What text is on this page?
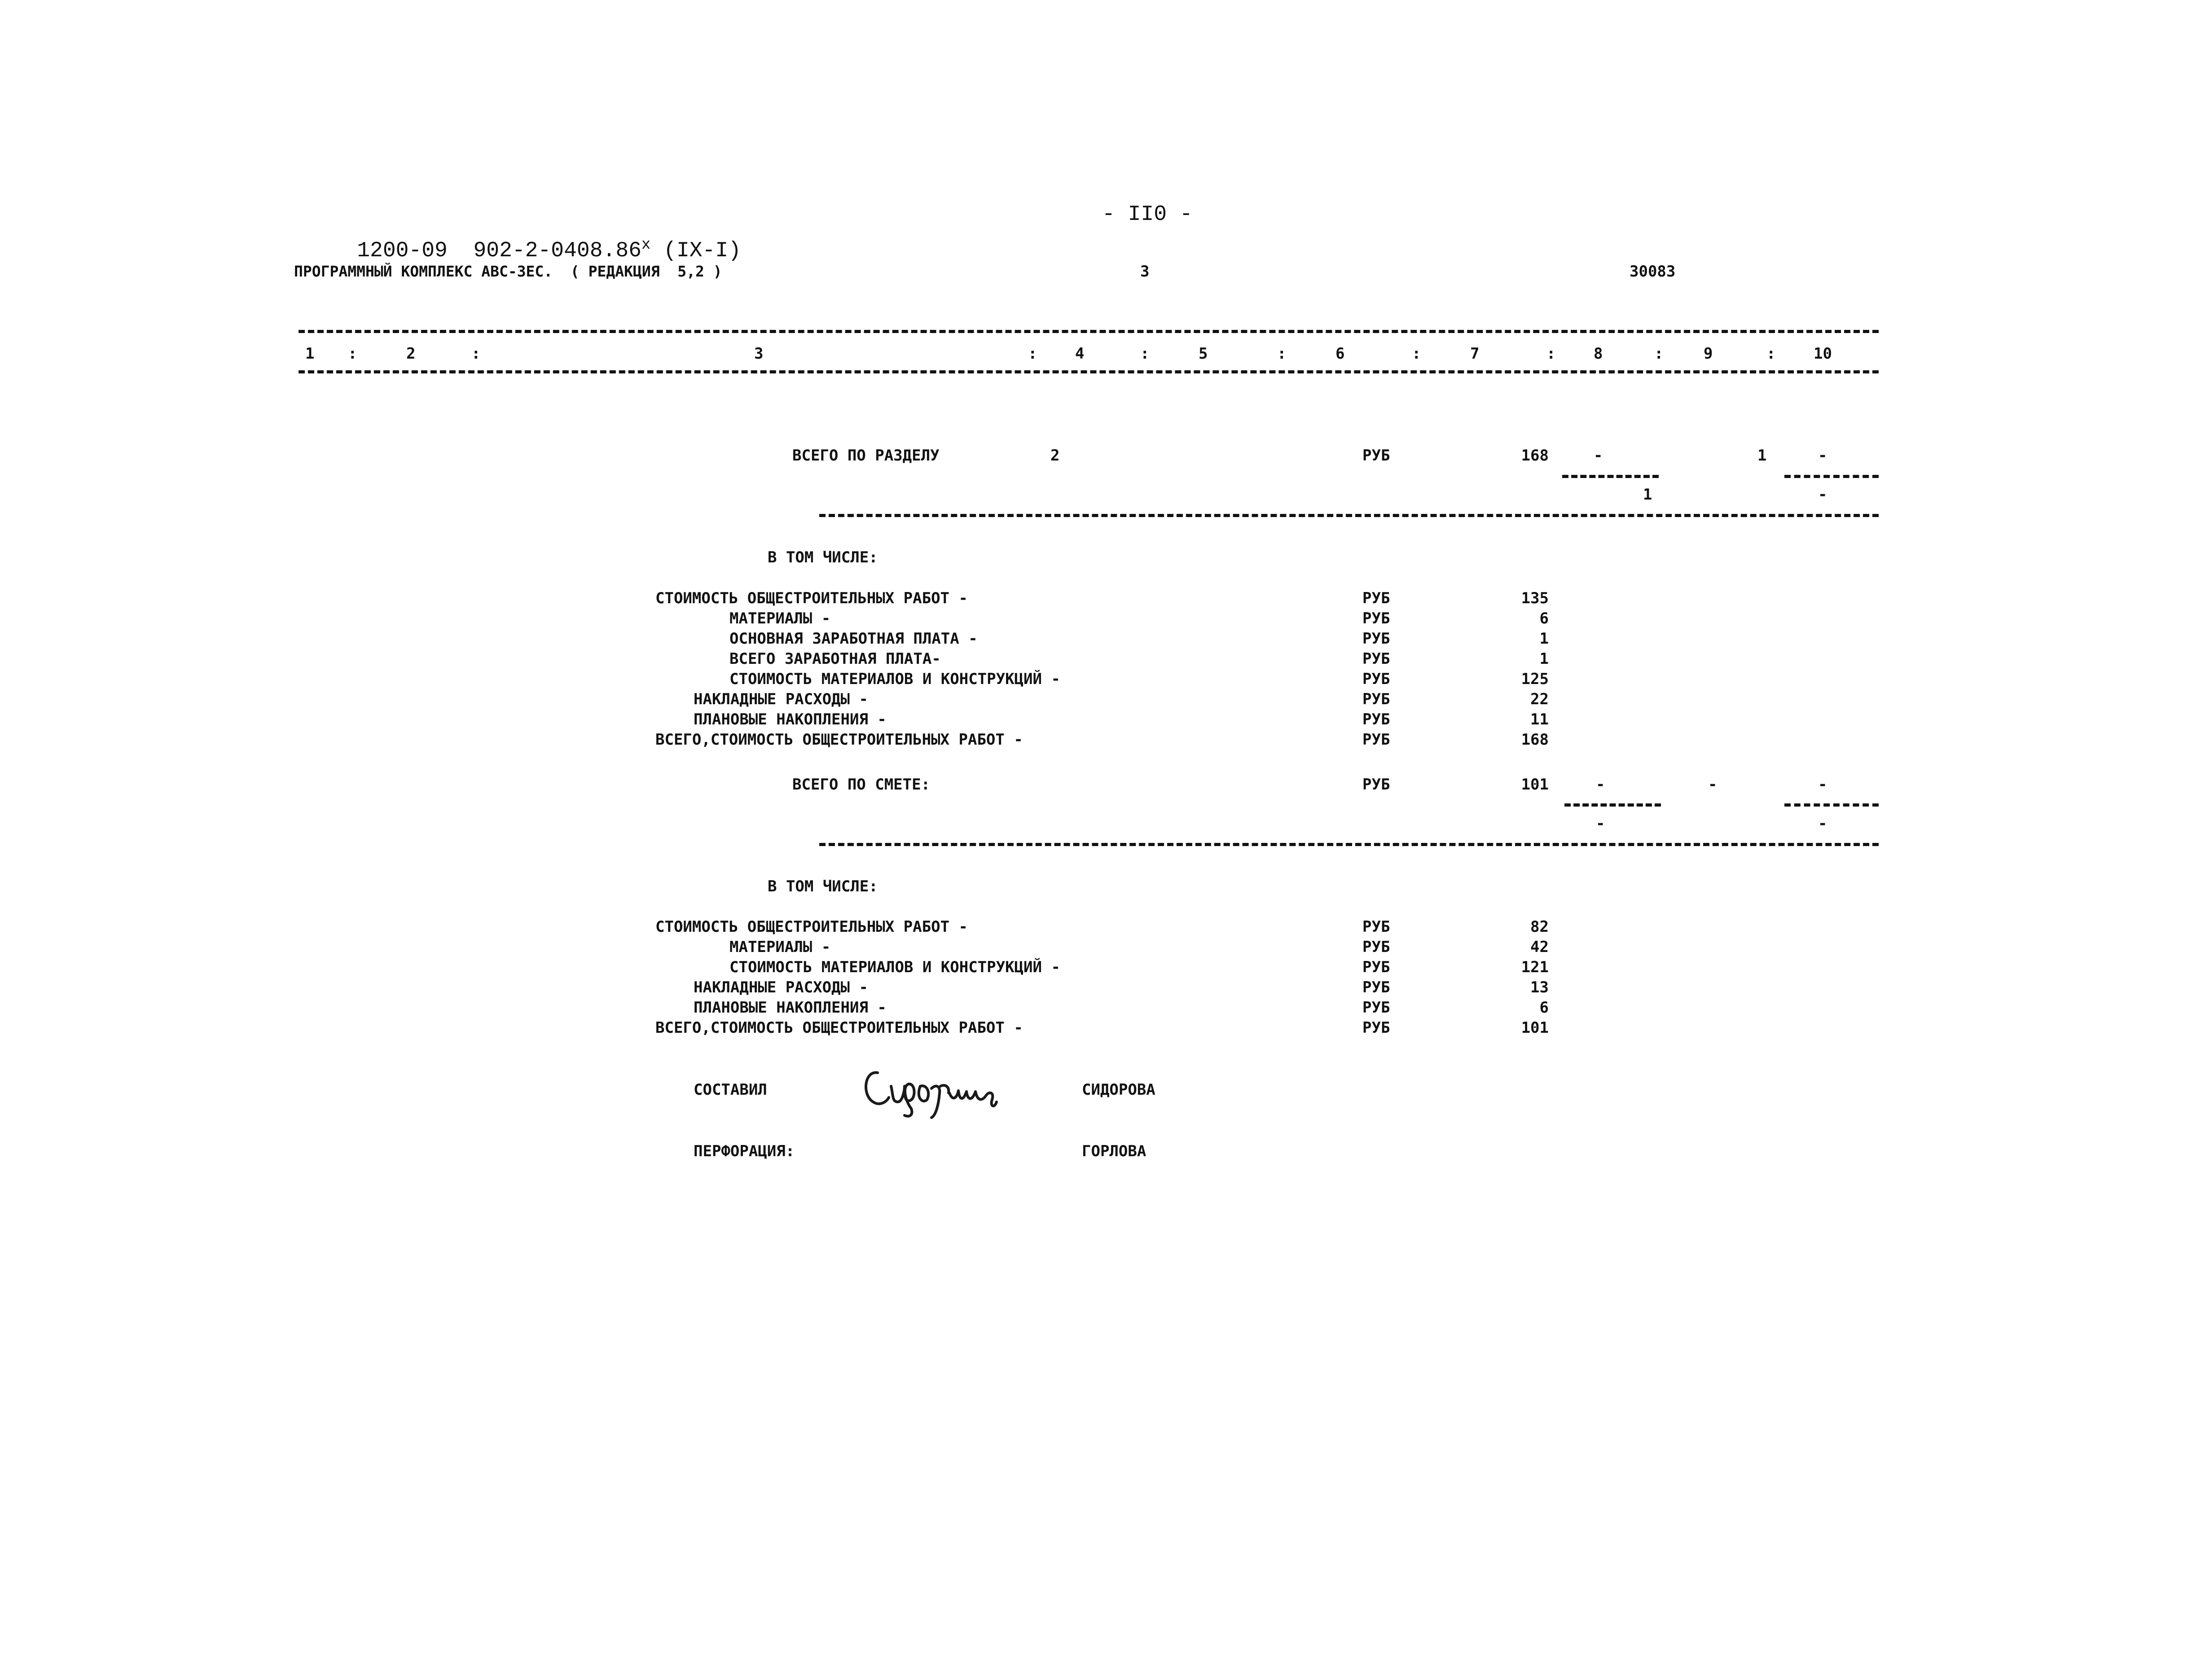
1200-09  902-2-0408.86$^x$ (IX-I)

- II0 -
ПРОГРАММНЫЙ КОМПЛЕКС АВС-3ЕС.  ( РЕДАКЦИЯ  5,2 )	3	30083
1 :	2	:	3	: 4	:	5	:	6	:	7	: 8	:	9	: 10
ВСЕГО ПО РАЗДЕЛУ	2	РУБ	168	-	1	-
1	-
В ТОМ ЧИСЛЕ:
СТОИМОСТЬ ОБЩЕСТРОИТЕЛЬНЫХ РАБОТ -	РУБ	135
МАТЕРИАЛЫ -	РУБ	6
ОСНОВНАЯ ЗАРАБОТНАЯ ПЛАТА -	РУБ	1
ВСЕГО ЗАРАБОТНАЯ ПЛАТА-	РУБ	1
СТОИМОСТЬ МАТЕРИАЛОВ И КОНСТРУКЦИЙ -	РУБ	125
НАКЛАДНЫЕ РАСХОДЫ -	РУБ	22
ПЛАНОВЫЕ НАКОПЛЕНИЯ -	РУБ	11
ВСЕГО,СТОИМОСТЬ ОБЩЕСТРОИТЕЛЬНЫХ РАБОТ -	РУБ	168
ВСЕГО ПО СМЕТЕ:	РУБ	101	-	-	-
-	-
В ТОМ ЧИСЛЕ:
СТОИМОСТЬ ОБЩЕСТРОИТЕЛЬНЫХ РАБОТ -	РУБ	82
МАТЕРИАЛЫ -	РУБ	42
СТОИМОСТЬ МАТЕРИАЛОВ И КОНСТРУКЦИЙ -	РУБ	121
НАКЛАДНЫЕ РАСХОДЫ -	РУБ	13
ПЛАНОВЫЕ НАКОПЛЕНИЯ -	РУБ	6
ВСЕГО,СТОИМОСТЬ ОБЩЕСТРОИТЕЛЬНЫХ РАБОТ -	РУБ	101
СОСТАВИЛ	СИДОРОВА
ПЕРФОРАЦИЯ:	ГОРЛОВА
